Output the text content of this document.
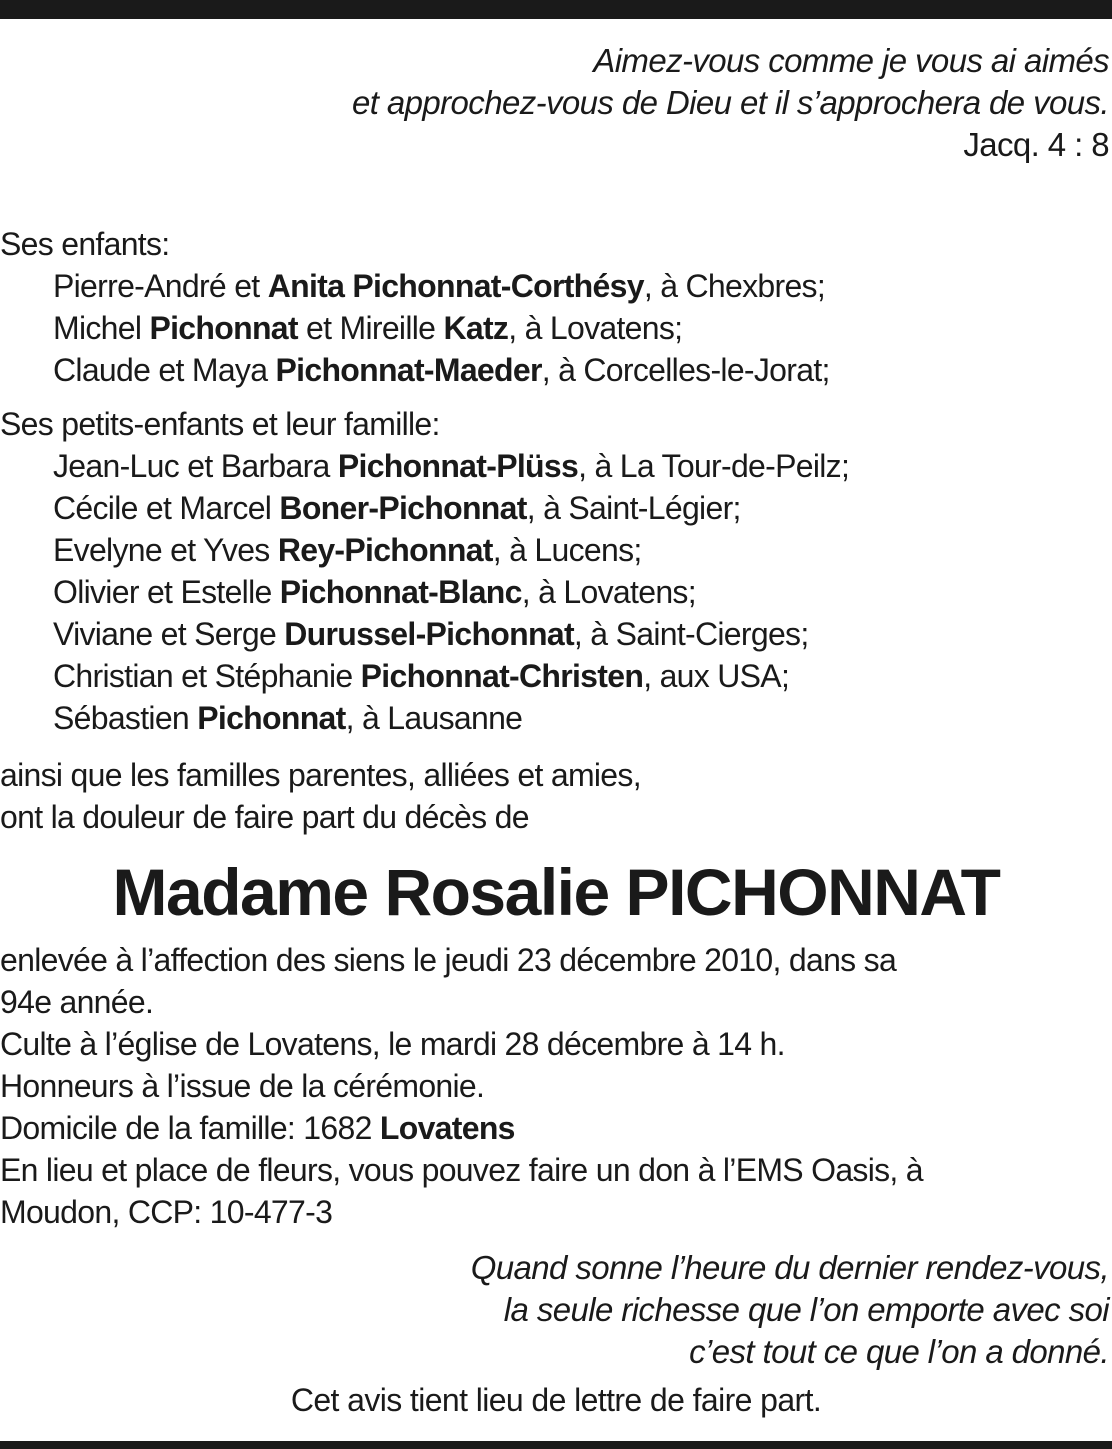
Aimez-vous comme je vous ai aimés
et approchez-vous de Dieu et il s’approchera de vous.
Jacq. 4 : 8
Ses enfants:
Pierre-André et Anita Pichonnat-Corthésy, à Chexbres;
Michel Pichonnat et Mireille Katz, à Lovatens;
Claude et Maya Pichonnat-Maeder, à Corcelles-le-Jorat;
Ses petits-enfants et leur famille:
Jean-Luc et Barbara Pichonnat-Plüss, à La Tour-de-Peilz;
Cécile et Marcel Boner-Pichonnat, à Saint-Légier;
Evelyne et Yves Rey-Pichonnat, à Lucens;
Olivier et Estelle Pichonnat-Blanc, à Lovatens;
Viviane et Serge Durussel-Pichonnat, à Saint-Cierges;
Christian et Stéphanie Pichonnat-Christen, aux USA;
Sébastien Pichonnat, à Lausanne
ainsi que les familles parentes, alliées et amies,
ont la douleur de faire part du décès de
Madame Rosalie PICHONNAT
enlevée à l’affection des siens le jeudi 23 décembre 2010, dans sa
94e année.
Culte à l’église de Lovatens, le mardi 28 décembre à 14 h.
Honneurs à l’issue de la cérémonie.
Domicile de la famille: 1682 Lovatens
En lieu et place de fleurs, vous pouvez faire un don à l’EMS Oasis, à
Moudon, CCP: 10-477-3
Quand sonne l’heure du dernier rendez-vous,
la seule richesse que l’on emporte avec soi
c’est tout ce que l’on a donné.
Cet avis tient lieu de lettre de faire part.
